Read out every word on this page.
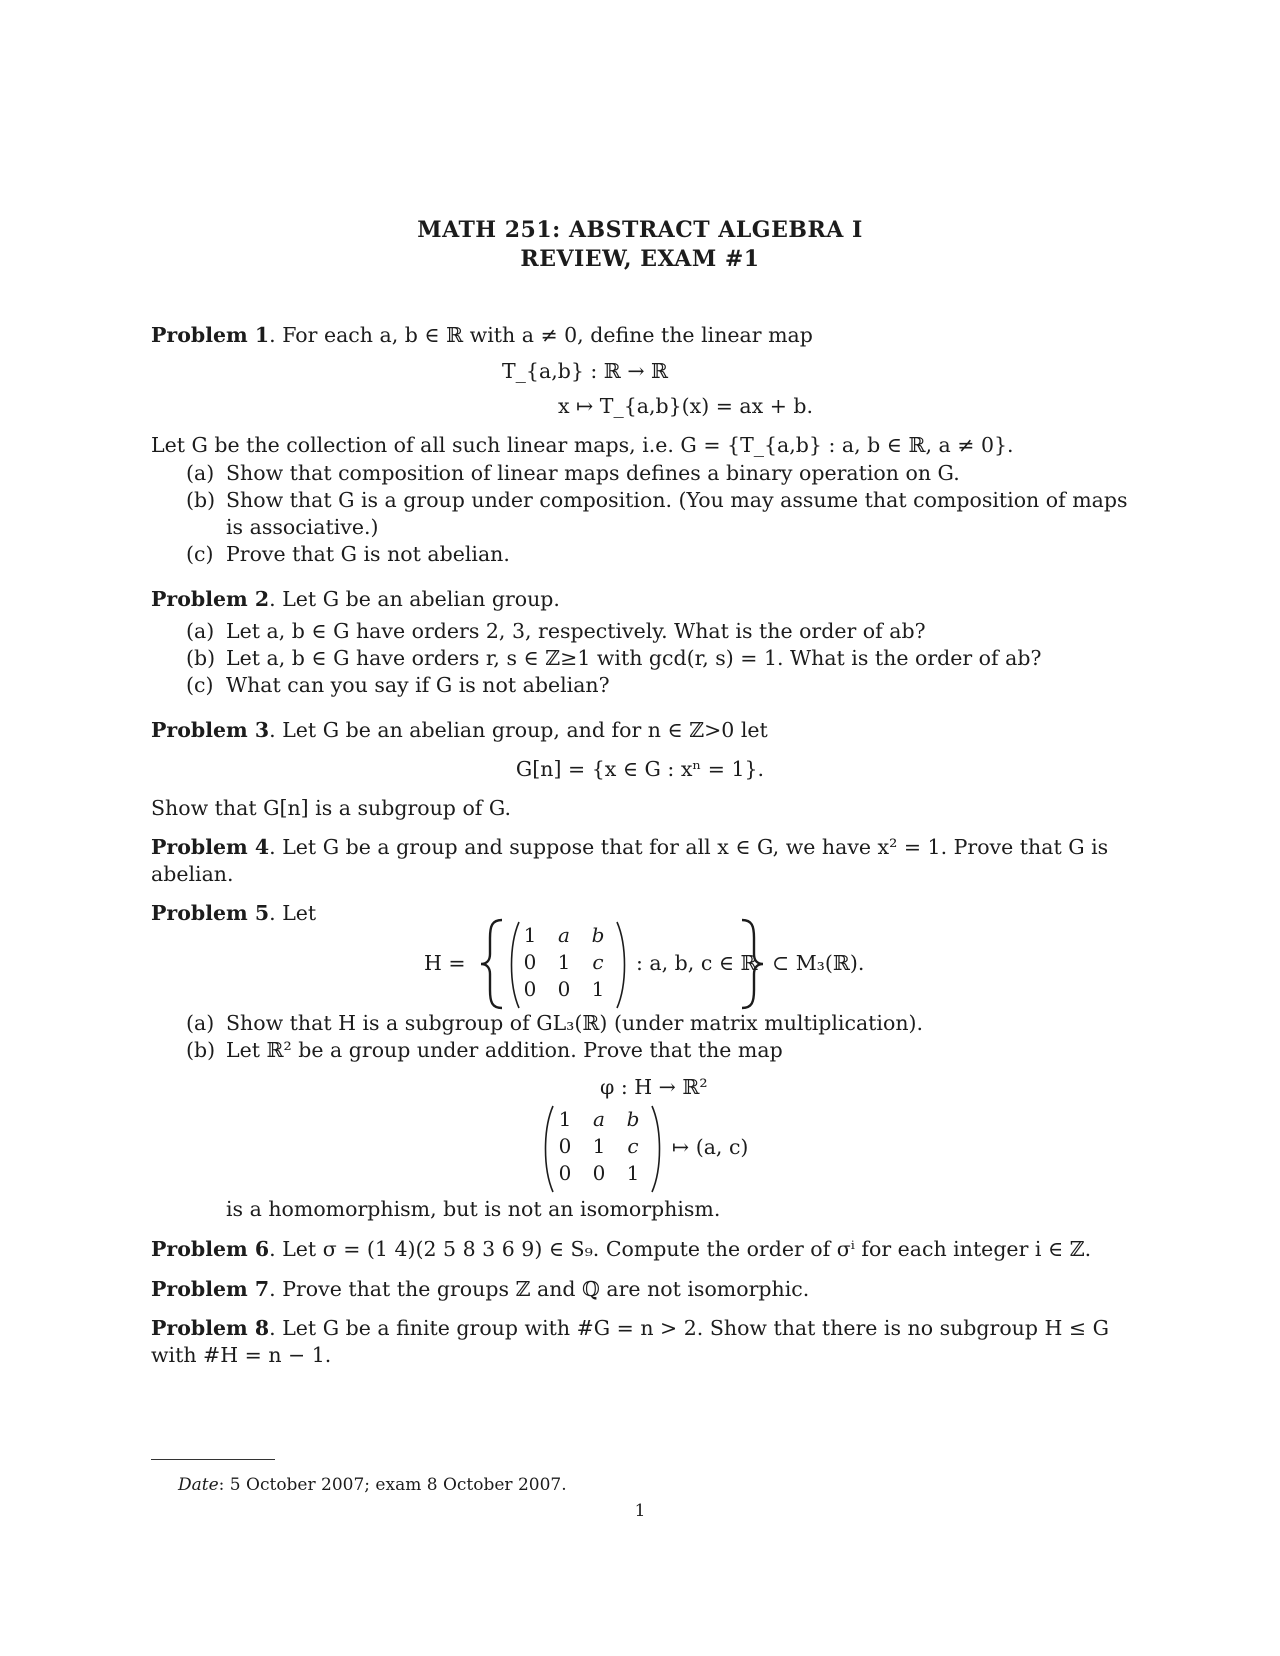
MATH 251: ABSTRACT ALGEBRA I
REVIEW, EXAM #1
Problem 1. For each a, b ∈ ℝ with a ≠ 0, define the linear map
T_{a,b} : ℝ → ℝ
x ↦ T_{a,b}(x) = ax + b.
Let G be the collection of all such linear maps, i.e. G = {T_{a,b} : a, b ∈ ℝ, a ≠ 0}.
(a) Show that composition of linear maps defines a binary operation on G.
(b) Show that G is a group under composition. (You may assume that composition of maps is associative.)
(c) Prove that G is not abelian.
Problem 2. Let G be an abelian group.
(a) Let a, b ∈ G have orders 2, 3, respectively. What is the order of ab?
(b) Let a, b ∈ G have orders r, s ∈ ℤ≥1 with gcd(r, s) = 1. What is the order of ab?
(c) What can you say if G is not abelian?
Problem 3. Let G be an abelian group, and for n ∈ ℤ>0 let
G[n] = {x ∈ G : xⁿ = 1}.
Show that G[n] is a subgroup of G.
Problem 4. Let G be a group and suppose that for all x ∈ G, we have x² = 1. Prove that G is abelian.
Problem 5. Let
H =
1	a	b
0	1	c
0	0	1
: a, b, c ∈ ℝ ⊂ M₃(ℝ).
(a) Show that H is a subgroup of GL₃(ℝ) (under matrix multiplication).
(b) Let ℝ² be a group under addition. Prove that the map
φ : H → ℝ²
1	a	b
0	1	c
0	0	1
↦ (a, c)
is a homomorphism, but is not an isomorphism.
Problem 6. Let σ = (1 4)(2 5 8 3 6 9) ∈ S₉. Compute the order of σⁱ for each integer i ∈ ℤ.
Problem 7. Prove that the groups ℤ and ℚ are not isomorphic.
Problem 8. Let G be a finite group with #G = n > 2. Show that there is no subgroup H ≤ G with #H = n − 1.
Date: 5 October 2007; exam 8 October 2007.
1
